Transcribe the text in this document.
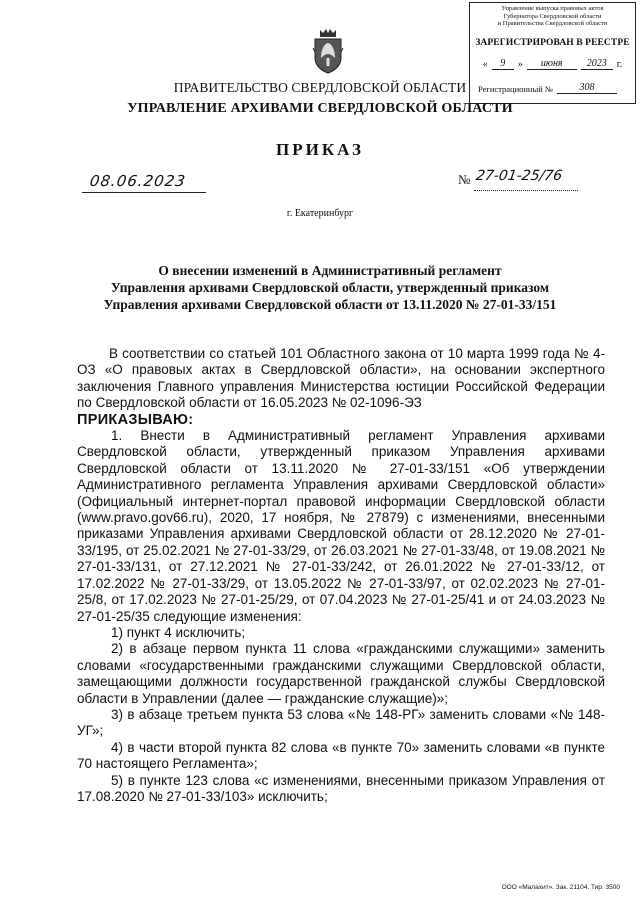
Управление выпуска правовых актов
Губернатора Свердловской области
и Правительства Свердловской области
ЗАРЕГИСТРИРОВАН В РЕЕСТРЕ
«	9	»	июня	2023	г.
Регистрационный №	308
ПРАВИТЕЛЬСТВО СВЕРДЛОВСКОЙ ОБЛАСТИ
УПРАВЛЕНИЕ АРХИВАМИ СВЕРДЛОВСКОЙ ОБЛАСТИ
ПРИКАЗ
08.06.2023	№ 27-01-25/76
г. Екатеринбург
О внесении изменений в Административный регламент
Управления архивами Свердловской области, утвержденный приказом
Управления архивами Свердловской области от 13.11.2020 № 27-01-33/151

В соответствии со статьей 101 Областного закона от 10 марта 1999 года № 4-ОЗ «О правовых актах в Свердловской области», на основании экспертного заключения Главного управления Министерства юстиции Российской Федерации по Свердловской области от 16.05.2023 № 02-1096-ЭЗ

ПРИКАЗЫВАЮ:

1. Внести в Административный регламент Управления архивами Свердловской области, утвержденный приказом Управления архивами Свердловской области от 13.11.2020 № 27-01-33/151 «Об утверждении Административного регламента Управления архивами Свердловской области» (Официальный интернет-портал правовой информации Свердловской области (www.pravo.gov66.ru), 2020, 17 ноября, № 27879) с изменениями, внесенными приказами Управления архивами Свердловской области от 28.12.2020 № 27-01-33/195, от 25.02.2021 № 27-01-33/29, от 26.03.2021 № 27-01-33/48, от 19.08.2021 № 27-01-33/131, от 27.12.2021 № 27-01-33/242, от 26.01.2022 № 27-01-33/12, от 17.02.2022 № 27-01-33/29, от 13.05.2022 № 27-01-33/97, от 02.02.2023 № 27-01-25/8, от 17.02.2023 № 27-01-25/29, от 07.04.2023 № 27-01-25/41 и от 24.03.2023 № 27-01-25/35 следующие изменения:

1) пункт 4 исключить;

2) в абзаце первом пункта 11 слова «гражданскими служащими» заменить словами «государственными гражданскими служащими Свердловской области, замещающими должности государственной гражданской службы Свердловской области в Управлении (далее — гражданские служащие)»;

3) в абзаце третьем пункта 53 слова «№ 148-РГ» заменить словами «№ 148-УГ»;

4) в части второй пункта 82 слова «в пункте 70» заменить словами «в пункте 70 настоящего Регламента»;

5) в пункте 123 слова «с изменениями, внесенными приказом Управления от 17.08.2020 № 27-01-33/103» исключить;

ООО «Малахит». Зак. 21104. Тир. 3500
